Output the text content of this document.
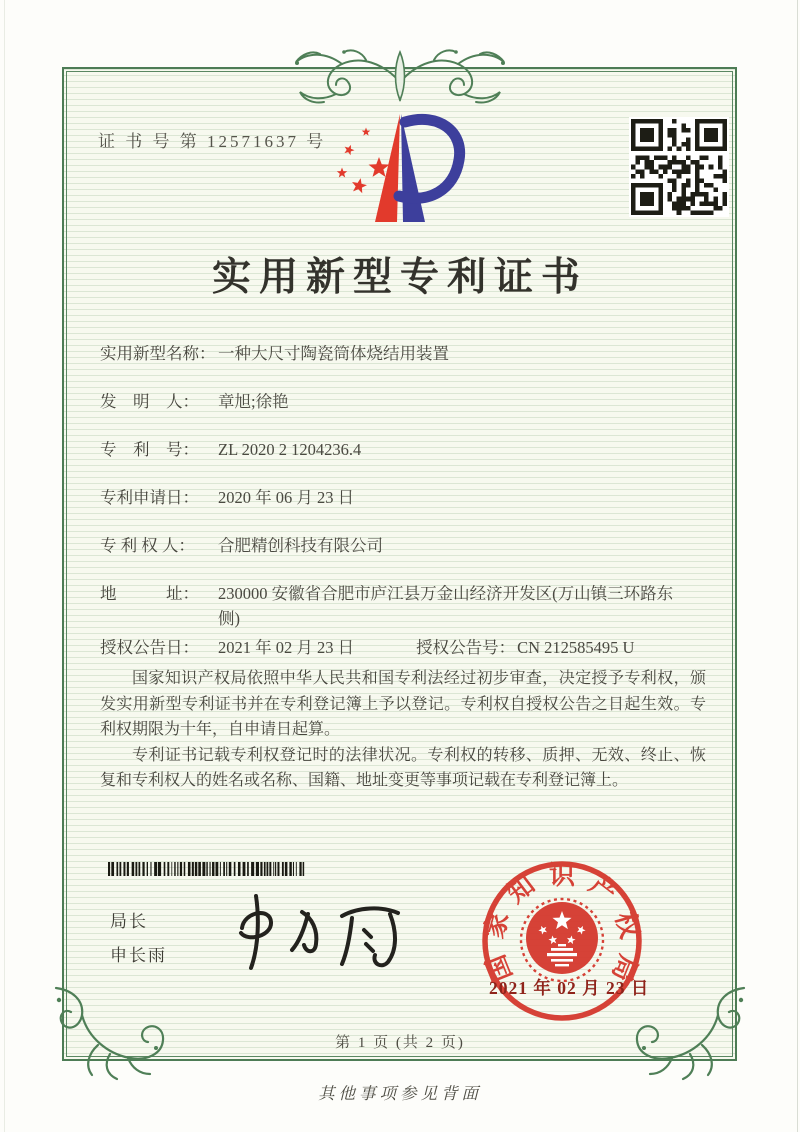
证 书 号 第 12571637 号
实用新型专利证书
实用新型名称： 一种大尺寸陶瓷筒体烧结用装置
发　明　人：	章旭;徐艳
专　利　号：	ZL 2020 2 1204236.4
专利申请日：	2020 年 06 月 23 日
专 利 权 人：	合肥精创科技有限公司
地　　　址：	230000 安徽省合肥市庐江县万金山经济开发区(万山镇三环路东侧)
授权公告日：	2021 年 02 月 23 日	授权公告号： CN 212585495 U

国家知识产权局依照中华人民共和国专利法经过初步审查，决定授予专利权，颁发实用新型专利证书并在专利登记簿上予以登记。专利权自授权公告之日起生效。专利权期限为十年，自申请日起算。

专利证书记载专利权登记时的法律状况。专利权的转移、质押、无效、终止、恢复和专利权人的姓名或名称、国籍、地址变更等事项记载在专利登记簿上。

局长
申长雨	国
家
知 识 产
权
局
2021 年 02 月 23 日
第 1 页 (共 2 页)
其他事项参见背面
